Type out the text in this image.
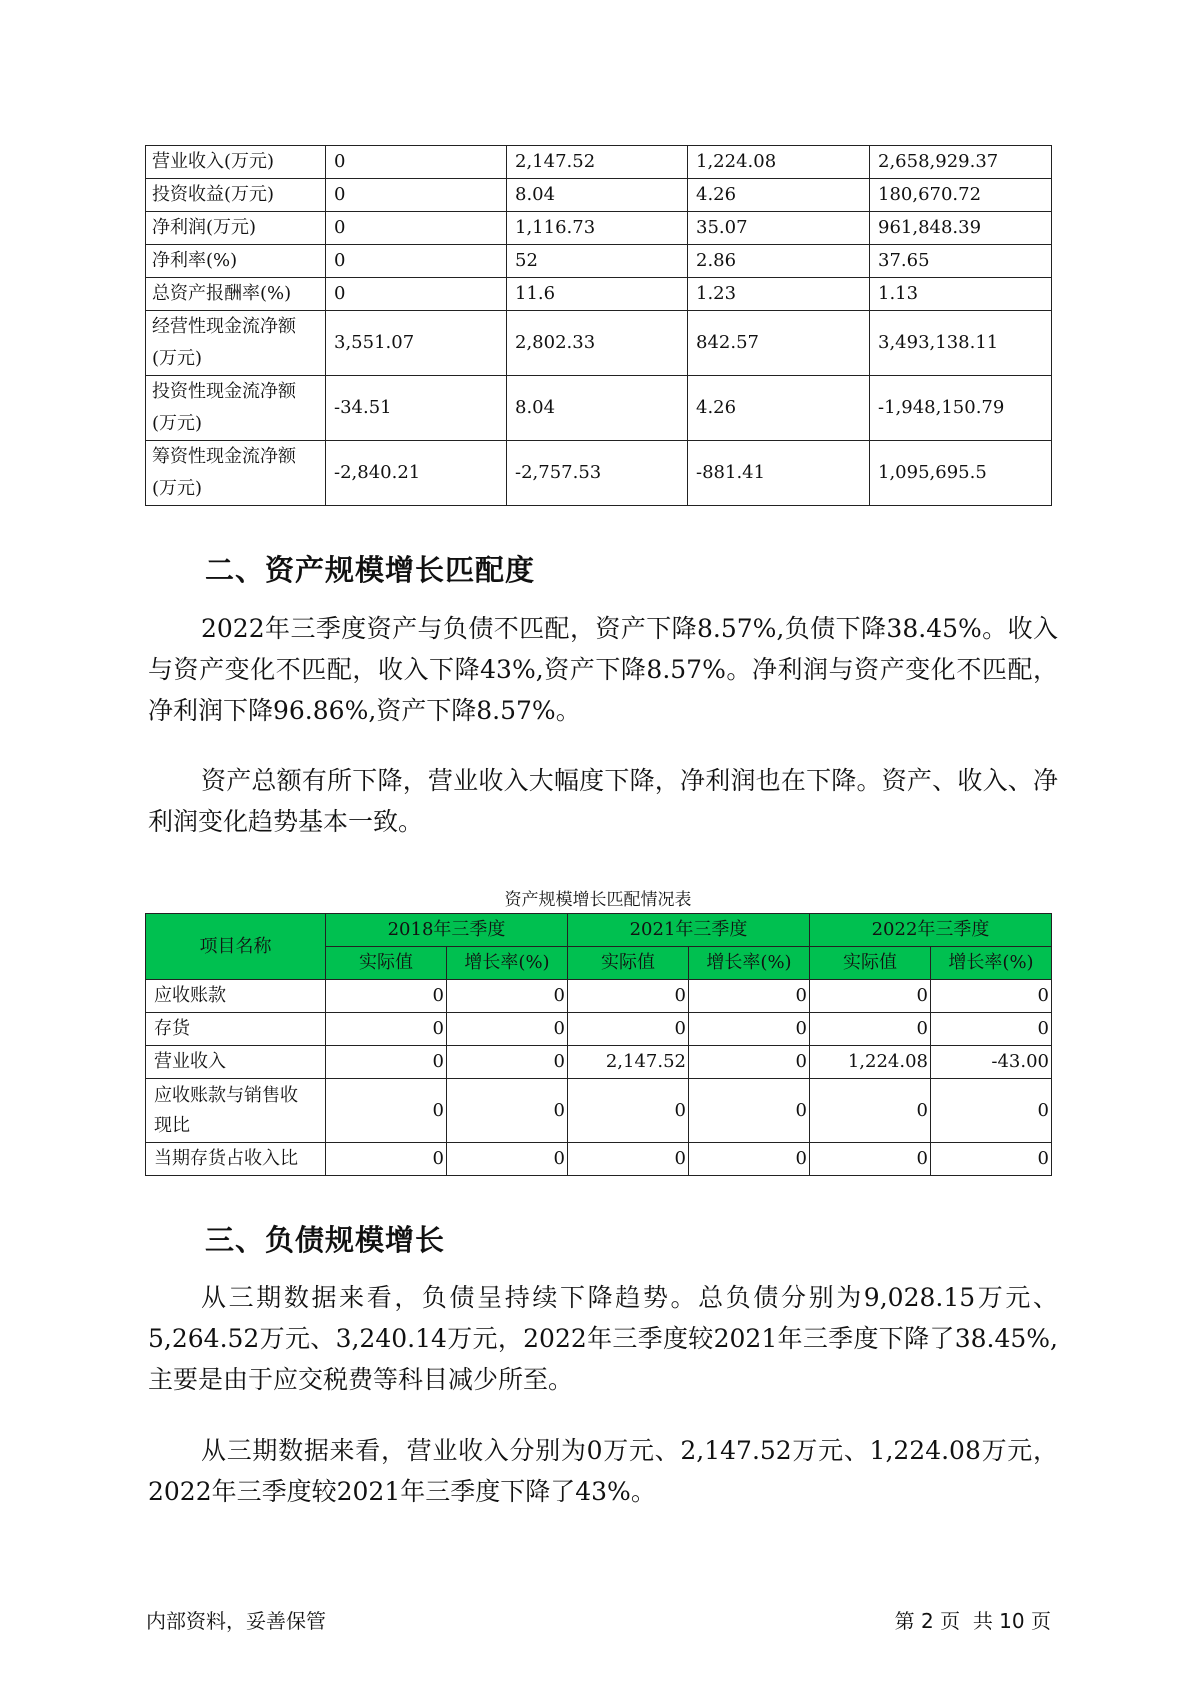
营业收入(万元)	0	2,147.52	1,224.08	2,658,929.37
投资收益(万元)	0	8.04	4.26	180,670.72
净利润(万元)	0	1,116.73	35.07	961,848.39
净利率(%)	0	52	2.86	37.65
总资产报酬率(%)	0	11.6	1.23	1.13
经营性现金流净额
(万元)	3,551.07	2,802.33	842.57	3,493,138.11
投资性现金流净额
(万元)	-34.51	8.04	4.26	-1,948,150.79
筹资性现金流净额
(万元)	-2,840.21	-2,757.53	-881.41	1,095,695.5
二、资产规模增长匹配度

2022年三季度资产与负债不匹配，资产下降8.57%,负债下降38.45%。收入与资产变化不匹配，收入下降43%,资产下降8.57%。净利润与资产变化不匹配，净利润下降96.86%,资产下降8.57%。

资产总额有所下降，营业收入大幅度下降，净利润也在下降。资产、收入、净利润变化趋势基本一致。

资产规模增长匹配情况表

项目名称	2018年三季度		2021年三季度		2022年三季度	
	实际值	增长率(%)	实际值	增长率(%)	实际值	增长率(%)
应收账款	0	0	0	0	0	0
存货	0	0	0	0	0	0
营业收入	0	0	2,147.52	0	1,224.08	-43.00
应收账款与销售收
现比	0	0	0	0	0	0
当期存货占收入比	0	0	0	0	0	0
三、负债规模增长

从三期数据来看，负债呈持续下降趋势。总负债分别为9,028.15万元、5,264.52万元、3,240.14万元，2022年三季度较2021年三季度下降了38.45%,主要是由于应交税费等科目减少所至。

从三期数据来看，营业收入分别为0万元、2,147.52万元、1,224.08万元，2022年三季度较2021年三季度下降了43%。

内部资料，妥善保管	第 2 页  共 10 页
